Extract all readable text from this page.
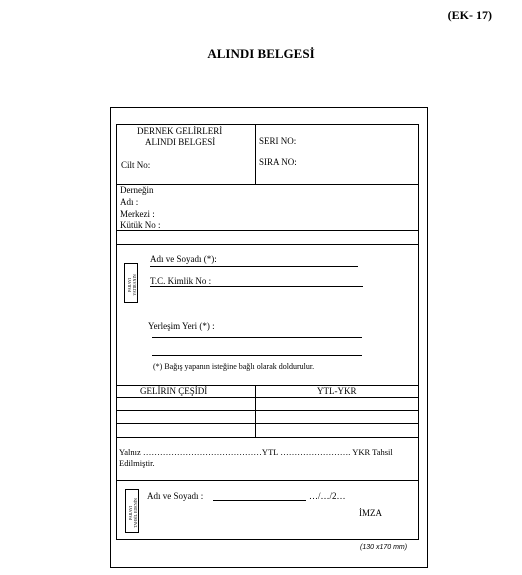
(EK- 17)
ALINDI BELGESİ
DERNEK GELİRLERİ
ALINDI BELGESİ
Cilt No:
SERI NO:
SIRA NO:
Derneğin
Adı :
Merkezi :
Kütük No :
PARAYI YATIRANIN
Adı ve Soyadı (*):
T.C. Kimlik No :
Yerleşim Yeri (*) :
(*) Bağış yapanın isteğine bağlı olarak doldurulur.
GELİRIN ÇEŞİDİ	YTL-YKR
Yalnız ……………………………………YTL ……………………. YKR Tahsil
Edilmiştir.
PARAYI TAHSİL EDENİN
Adı ve Soyadı :	…/…/2…
İMZA
(130 x170 mm)
